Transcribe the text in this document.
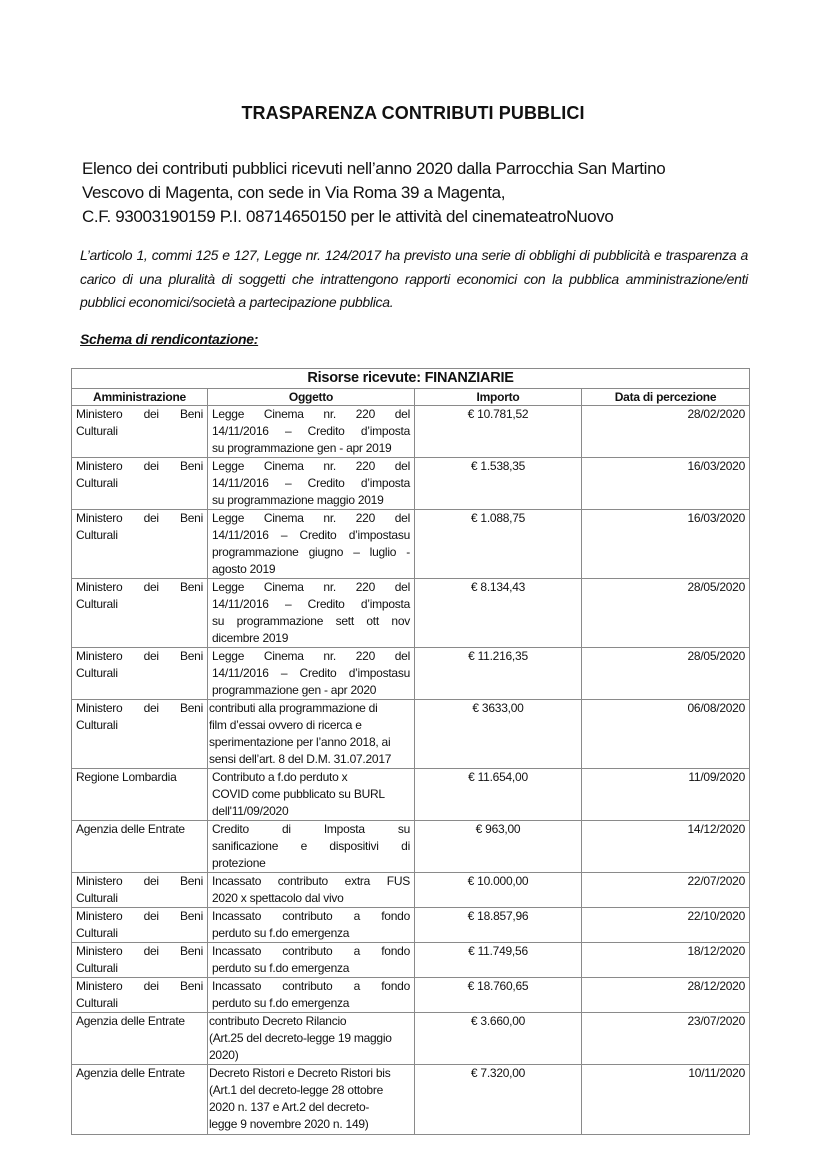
TRASPARENZA CONTRIBUTI PUBBLICI
Elenco dei contributi pubblici ricevuti nell’anno 2020 dalla Parrocchia San Martino
Vescovo di Magenta, con sede in Via Roma 39 a Magenta,
C.F. 93003190159 P.I. 08714650150 per le attività del cinemateatroNuovo
L’articolo 1, commi 125 e 127, Legge nr. 124/2017 ha previsto una serie di obblighi di pubblicità e trasparenza a carico di una pluralità di soggetti che intrattengono rapporti economici con la pubblica amministrazione/enti pubblici economici/società a partecipazione pubblica.
Schema di rendicontazione:
Risorse ricevute: FINANZIARIE			
Amministrazione	Oggetto	Importo	Data di percezione
Ministero dei Beni Culturali	Legge Cinema nr. 220 del
14/11/2016 – Credito d’imposta
su programmazione gen - apr 2019	€ 10.781,52	28/02/2020
Ministero dei Beni Culturali	Legge Cinema nr. 220 del
14/11/2016 – Credito d’imposta
su programmazione maggio 2019	€ 1.538,35	16/03/2020
Ministero dei Beni Culturali	Legge Cinema nr. 220 del
14/11/2016 – Credito d’impostasu
programmazione giugno – luglio -
agosto 2019	€ 1.088,75	16/03/2020
Ministero dei Beni Culturali	Legge Cinema nr. 220 del
14/11/2016 – Credito d’imposta
su programmazione sett ott nov
dicembre 2019	€ 8.134,43	28/05/2020
Ministero dei Beni Culturali	Legge Cinema nr. 220 del
14/11/2016 – Credito d’impostasu
programmazione gen - apr 2020	€ 11.216,35	28/05/2020
Ministero dei Beni Culturali	contributi alla programmazione di
film d’essai ovvero di ricerca e
sperimentazione per l’anno 2018, ai
sensi dell’art. 8 del D.M. 31.07.2017	€ 3633,00	06/08/2020
Regione Lombardia	Contributo a f.do perduto x
COVID come pubblicato su BURL
dell'11/09/2020	€ 11.654,00	11/09/2020
Agenzia delle Entrate	Credito di Imposta su
sanificazione e dispositivi di
protezione	€ 963,00	14/12/2020
Ministero dei Beni Culturali	Incassato contributo extra FUS
2020 x spettacolo dal vivo	€ 10.000,00	22/07/2020
Ministero dei Beni Culturali	Incassato contributo a fondo
perduto su f.do emergenza	€ 18.857,96	22/10/2020
Ministero dei Beni Culturali	Incassato contributo a fondo
perduto su f.do emergenza	€ 11.749,56	18/12/2020
Ministero dei Beni Culturali	Incassato contributo a fondo
perduto su f.do emergenza	€ 18.760,65	28/12/2020
Agenzia delle Entrate	contributo Decreto Rilancio
(Art.25 del decreto-legge 19 maggio
2020)	€ 3.660,00	23/07/2020
Agenzia delle Entrate	Decreto Ristori e Decreto Ristori bis
(Art.1 del decreto-legge 28 ottobre
2020 n. 137 e Art.2 del decreto-
legge 9 novembre 2020 n. 149)	€ 7.320,00	10/11/2020
